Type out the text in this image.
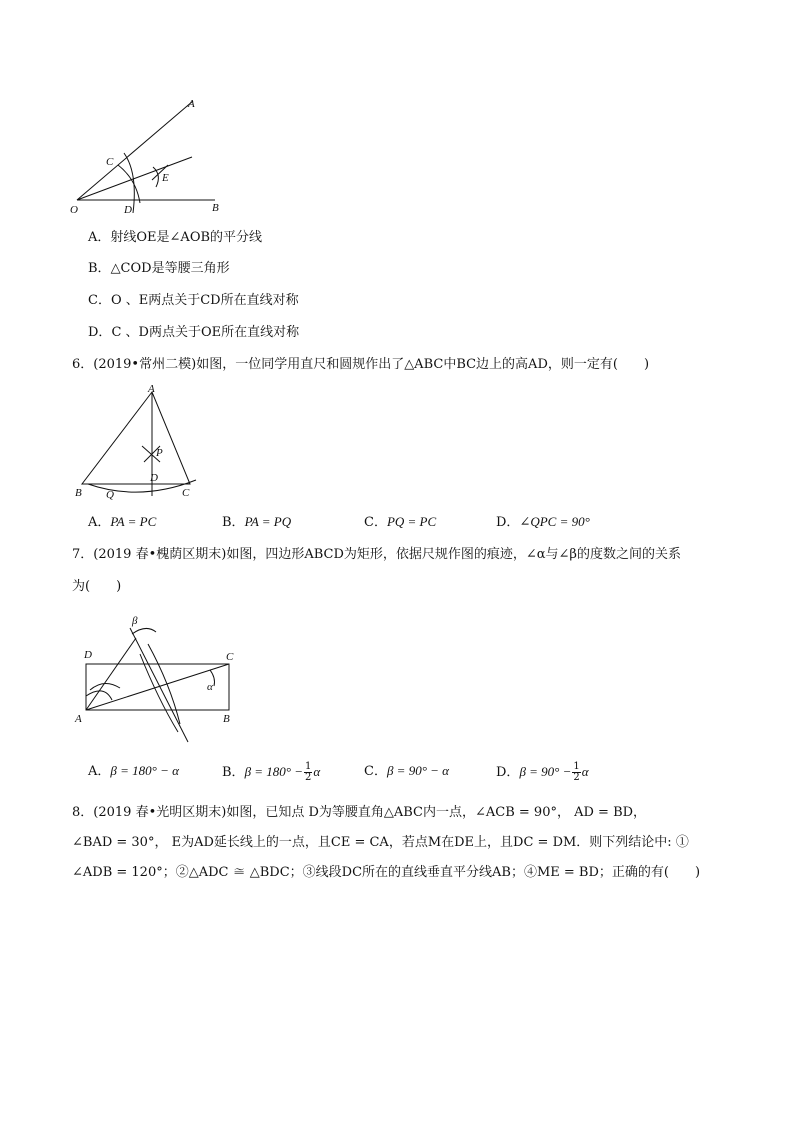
A
C
E
O	D	B
A．射线OE是∠AOB的平分线
B．△COD是等腰三角形
C．O 、E两点关于CD所在直线对称
D．C 、D两点关于OE所在直线对称
6．(2019•常州二模)如图，一位同学用直尺和圆规作出了△ABC中BC边上的高AD，则一定有(　　)
A
P
D
B Q	C
A．PA = PC	B．PA = PQ	C．PQ = PC	D．∠QPC = 90°
7．(2019 春•槐荫区期末)如图，四边形ABCD为矩形，依据尺规作图的痕迹，∠α与∠β的度数之间的关系
为(　　)
β
D	C
α
A	B
A．β = 180° − α	B．$\beta = 180^\circ - \frac{1}{2}$ α	C．β = 90° − α	D．$\beta = 90^\circ - \frac{1}{2}$ α
8．(2019 春•光明区期末)如图，已知点 D为等腰直角△ABC内一点，∠ACB = 90°， AD = BD，
∠BAD = 30°， E为AD延长线上的一点，且CE = CA，若点M在DE上，且DC = DM．则下列结论中: ①
∠ADB = 120°；②△ADC ≅ △BDC；③线段DC所在的直线垂直平分线AB；④ME = BD；正确的有(　　)
